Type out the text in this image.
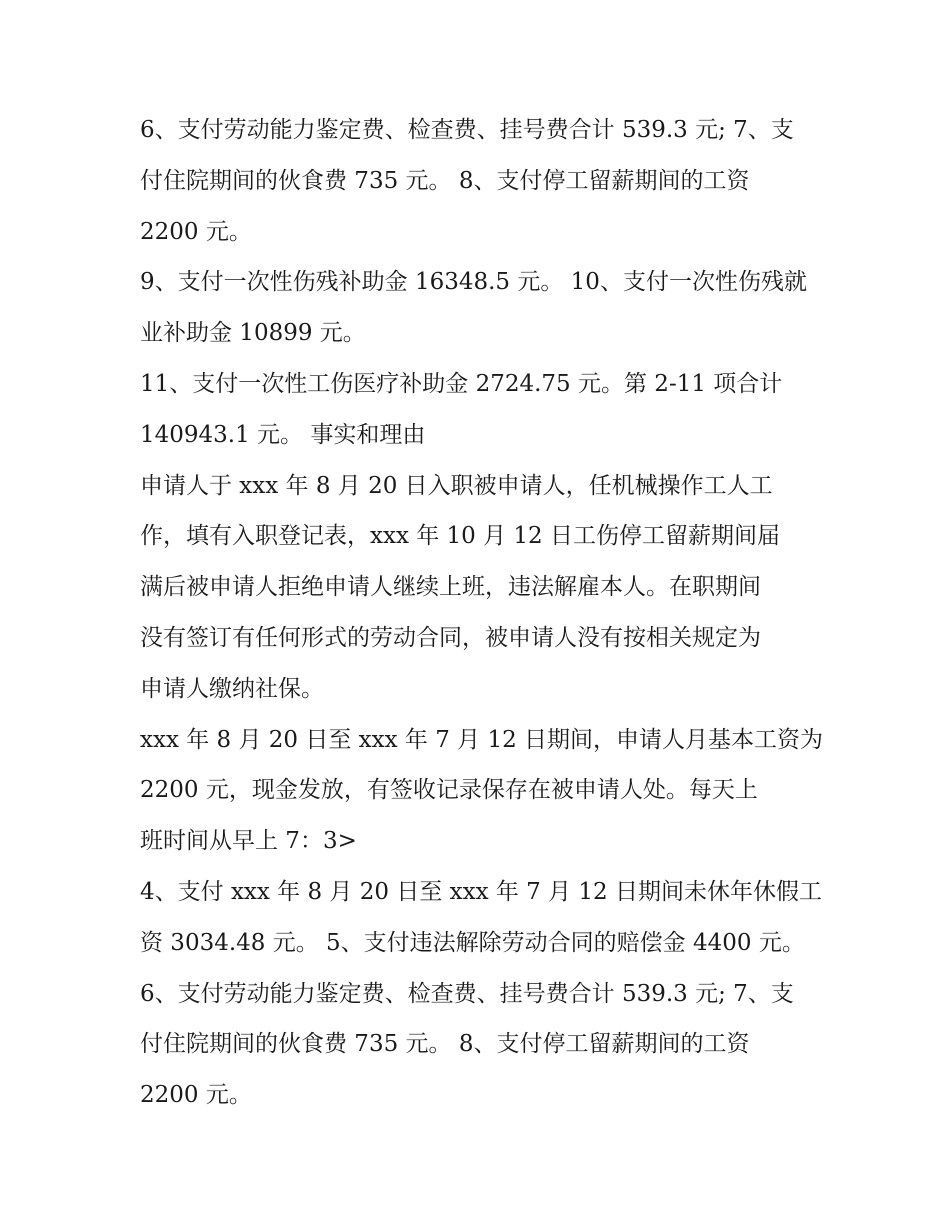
6、支付劳动能力鉴定费、检查费、挂号费合计 539.3 元; 7、支
付住院期间的伙食费 735 元。 8、支付停工留薪期间的工资
2200 元。

9、支付一次性伤残补助金 16348.5 元。 10、支付一次性伤残就
业补助金 10899 元。

11、支付一次性工伤医疗补助金 2724.75 元。第 2-11 项合计
140943.1 元。 事实和理由

申请人于 xxx 年 8 月 20 日入职被申请人，任机械操作工人工
作，填有入职登记表，xxx 年 10 月 12 日工伤停工留薪期间届
满后被申请人拒绝申请人继续上班，违法解雇本人。在职期间
没有签订有任何形式的劳动合同，被申请人没有按相关规定为
申请人缴纳社保。

xxx 年 8 月 20 日至 xxx 年 7 月 12 日期间，申请人月基本工资为
2200 元，现金发放，有签收记录保存在被申请人处。每天上
班时间从早上 7：3>

4、支付 xxx 年 8 月 20 日至 xxx 年 7 月 12 日期间未休年休假工
资 3034.48 元。 5、支付违法解除劳动合同的赔偿金 4400 元。

6、支付劳动能力鉴定费、检查费、挂号费合计 539.3 元; 7、支
付住院期间的伙食费 735 元。 8、支付停工留薪期间的工资
2200 元。
